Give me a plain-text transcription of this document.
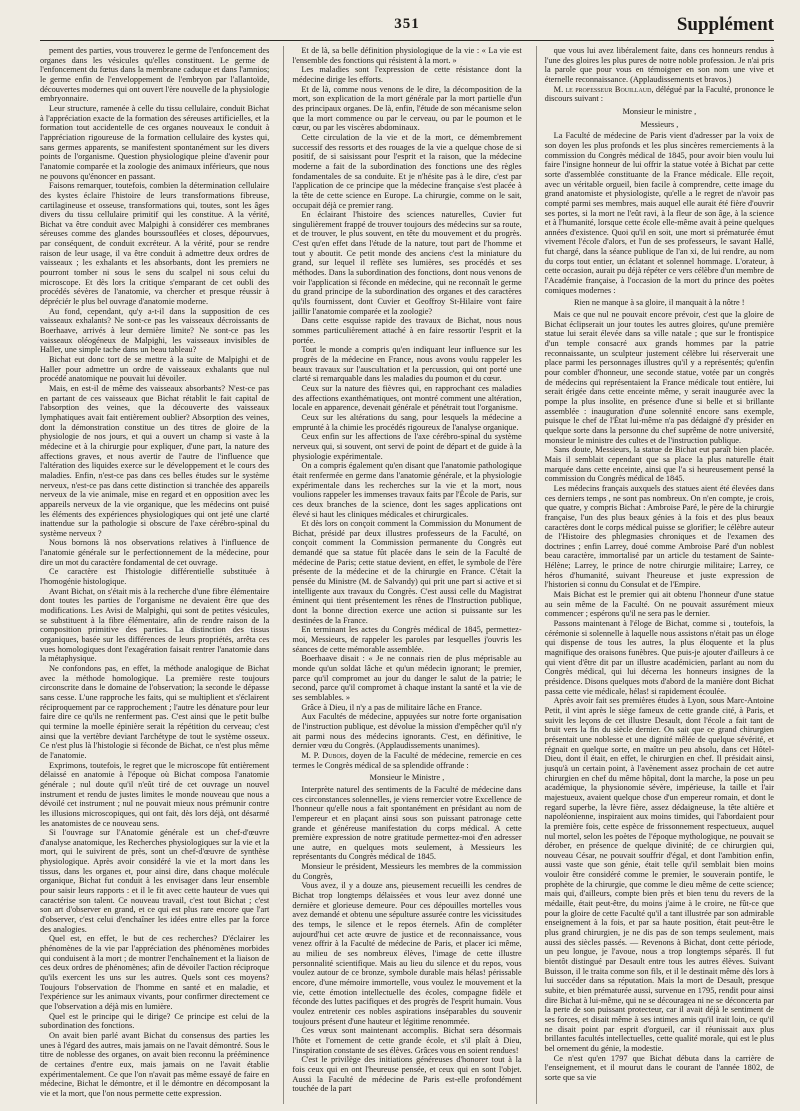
351	Supplément

pement des parties, vous trouverez le germe de l'enfoncement des organes dans les vésicules qu'elles constituent. Le germe de l'enfoncement du fœtus dans la membrane caduque et dans l'amnios; le germe enfin de l'enveloppement de l'embryon par l'allantoïde, découvertes modernes qui ont ouvert l'ère nouvelle de la physiologie embryonnaire.

Leur structure, ramenée à celle du tissu cellulaire, conduit Bichat à l'appréciation exacte de la formation des séreuses artificielles, et la formation tout accidentelle de ces organes nouveaux le conduit à l'appréciation rigoureuse de la formation cellulaire des kystes qui, sans germes apparents, se manifestent spontanément sur les divers points de l'organisme. Question physiologique pleine d'avenir pour l'anatomie comparée et la zoologie des animaux inférieurs, que nous ne pouvons qu'énoncer en passant.

Faisons remarquer, toutefois, combien la détermination cellulaire des kystes éclaire l'histoire de leurs transformations fibreuse, cartilagineuse et osseuse, transformations qui, toutes, sont les âges divers du tissu cellulaire primitif qui les constitue. A la vérité, Bichat va être conduit avec Malpighi à considérer ces membranes séreuses comme des glandes bourssouflées et closes, dépourvues, par conséquent, de conduit excréteur. A la vérité, pour se rendre raison de leur usage, il va être conduit à admettre deux ordres de vaisseaux ; les exhalants et les absorbants, dont les premiers ne pourront tomber ni sous le sens du scalpel ni sous celui du microscope. Et dès lors la critique s'emparant de cet oubli des procédés sévères de l'anatomie, va chercher et presque réussir à dépréciér le plus bel ouvrage d'anatomie moderne.

Au fond, cependant, qu'y a-t-il dans la supposition de ces vaisseaux exhalants? Ne sont-ce pas les vaisseaux décroissants de Boerhaave, arrivés à leur dernière limite? Ne sont-ce pas les vaisseaux oléogéneux de Malpighi, les vaisseaux invisibles de Haller, une simple tache dans un beau tableau?

Bichat eut donc tort de se mettre à la suite de Malpighi et de Haller pour admettre un ordre de vaisseaux exhalants que nul procédé anatomique ne pouvait lui dévoiler.

Mais, en est-il de même des vaisseaux absorbants? N'est-ce pas en partant de ces vaisseaux que Bichat rétablit le fait capital de l'absorption des veines, que la découverte des vaisseaux lymphatiques avait fait entièrement oublier? Absorption des veines, dont la démonstration constitue un des titres de gloire de la physiologie de nos jours, et qui a ouvert un champ si vaste à la médecine et à la chirurgie pour expliquer, d'une part, la nature des affections graves, et nous avertir de l'autre de l'influence que l'altération des liquides exerce sur le développement et le cours des maladies. Enfin, n'est-ce pas dans ces belles études sur le système nerveux, n'est-ce pas dans cette distinction si tranchée des appareils nerveux de la vie animale, mise en regard et en opposition avec les appareils nerveux de la vie organique, que les médecins ont puisé les éléments des expériences physiologiques qui ont jeté une clarté inattendue sur la pathologie si obscure de l'axe cérébro-spinal du système nerveux ?

Nous bornons là nos observations relatives à l'influence de l'anatomie générale sur le perfectionnement de la médecine, pour dire un mot du caractère fondamental de cet ouvrage.

Ce caractère est l'histologie différentielle substituée à l'homogénie histologique.

Avant Bichat, on s'était mis à la recherche d'une fibre élémentaire dont toutes les parties de l'organisme ne devaient être que des modifications. Les Avisi de Malpighi, qui sont de petites vésicules, se substituent à la fibre élémentaire, afin de rendre raison de la composition primitive des parties. La distinction des tissus organiques, basée sur les différences de leurs propriétés, arrêta ces vues homologiques dont l'exagération faisait rentrer l'anatomie dans la métaphysique.

Ne confondons pas, en effet, la méthode analogique de Bichat avec la méthode homologique. La première reste toujours circonscrite dans le domaine de l'observation; la seconde le dépasse sans cesse. L'une rapproche les faits, qui se multiplient et s'éclairent réciproquement par ce rapprochement ; l'autre les dénature pour leur faire dire ce qu'ils ne renferment pas. C'est ainsi que le petit bulbe qui termine la moelle épinière serait la répétition du cerveau; c'est ainsi que la vertèbre deviant l'archétype de tout le système osseux. Ce n'est plus là l'histologie si féconde de Bichat, ce n'est plus même de l'anatomie.

Exprimons, toutefois, le regret que le microscope fût entièrement délaissé en anatomie à l'époque où Bichat composa l'anatomie générale ; nul doute qu'il n'eût tiré de cet ouvrage un nouvel instrument et rendu de justes limites le monde nouveau que nous a dévoilé cet instrument ; nul ne pouvait mieux nous prémunir contre les illusions microscopiques, qui ont fait, dès lors déjà, ont désarmé les anatomistes de ce nouveau sens.

Si l'ouvrage sur l'Anatomie générale est un chef-d'œuvre d'analyse anatomique, les Recherches physiologiques sur la vie et la mort, qui le suivirent de près, sont un chef-d'œuvre de synthèse physiologique. Après avoir considéré la vie et la mort dans les tissus, dans les organes et, pour ainsi dire, dans chaque molécule organique, Bichat fut conduit à les envisager dans leur ensemble pour saisir leurs rapports : et il le fit avec cette hauteur de vues qui caractérise son talent. Ce nouveau travail, c'est tout Bichat ; c'est son art d'observer en grand, et ce qui est plus rare encore que l'art d'observer, c'est celui d'enchaîner les idées entre elles par la force des analogies.

Quel est, en effet, le but de ces recherches? D'éclairer les phénomènes de la vie par l'appréciation des phénomènes morbides qui conduisent à la mort ; de montrer l'enchaînement et la liaison de ces deux ordres de phénomènes; afin de dévoiler l'action réciproque qu'ils exercent les uns sur les autres. Quels sont ces moyens? Toujours l'observation de l'homme en santé et en maladie, et l'expérience sur les animaux vivants, pour confirmer directement ce que l'observation a déjà mis en lumière.

Quel est le principe qui le dirige? Ce principe est celui de la subordination des fonctions.

On avait bien parlé avant Bichat du consensus des parties les unes à l'égard des autres, mais jamais on ne l'avait démontré. Sous le titre de noblesse des organes, on avait bien reconnu la prééminence de certaines d'entre eux, mais jamais on ne l'avait établie expérimentalement. Ce que l'on n'avait pas même essayé de faire en médecine, Bichat le démontre, et il le démontre en décomposant la vie et la mort, que l'on nous permette cette expression.

Et de là, sa belle définition physiologique de la vie : « La vie est l'ensemble des fonctions qui résistent à la mort. »

Les maladies sont l'expression de cette résistance dont la médecine dirige les efforts.

Et de là, comme nous venons de le dire, la décomposition de la mort, son explication de la mort générale par la mort partielle d'un des principaux organes. De là, enfin, l'étude de son mécanisme selon que la mort commence ou par le cerveau, ou par le poumon et le cœur, ou par les viscères abdominaux.

Cette circulation de la vie et de la mort, ce démembrement successif des ressorts et des rouages de la vie a quelque chose de si positif, de si saisissant pour l'esprit et la raison, que la médecine moderne a fait de la subordination des fonctions une des règles fondamentales de sa conduite. Et je n'hésite pas à le dire, c'est par l'application de ce principe que la médecine française s'est placée à la tête de cette science en Europe. La chirurgie, comme on le sait, occupait déjà ce premier rang.

En éclairant l'histoire des sciences naturelles, Cuvier fut singulièrement frappé de trouver toujours des médecins sur sa route, et de trouver, le plus souvent, en tête du mouvement et du progrès. C'est qu'en effet dans l'étude de la nature, tout part de l'homme et tout y aboutit. Ce petit monde des anciens c'est la miniature du grand, sur lequel il reflète ses lumières, ses procédés et ses méthodes. Dans la subordination des fonctions, dont nous venons de voir l'application si féconde en médecine, qui ne reconnaît le germe du grand principe de la subordination des organes et des caractères qu'ils fournissent, dont Cuvier et Geoffroy St-Hilaire vont faire jaillir l'anatomie comparée et la zoologie?

Dans cette esquisse rapide des travaux de Bichat, nous nous sommes particulièrement attaché à en faire ressortir l'esprit et la portée.

Tout le monde a compris qu'en indiquant leur influence sur les progrès de la médecine en France, nous avons voulu rappeler les beaux travaux sur l'auscultation et la percussion, qui ont porté une clarté si remarquable dans les maladies du poumon et du cœur.

Ceux sur la nature des fièvres qui, en rapprochant ces maladies des affections exanthématiques, ont montré comment une altération, locale en apparence, devenait générale et pénétrait tout l'organisme.

Ceux sur les altérations du sang, pour lesquels la médecine a emprunté à la chimie les procédés rigoureux de l'analyse organique.

Ceux enfin sur les affections de l'axe cérébro-spinal du système nerveux qui, si souvent, ont servi de point de départ et de guide à la physiologie expérimentale.

On a compris également qu'en disant que l'anatomie pathologique était renfermée en germe dans l'anatomie générale, et la physiologie expérimentale dans les recherches sur la vie et la mort, nous voulions rappeler les immenses travaux faits par l'École de Paris, sur ces deux branches de la science, dont les sages applications ont élevé si haut les cliniques médicales et chirurgicales.

Et dès lors on conçoit comment la Commission du Monument de Bichat, présidé par deux illustres professeurs de la Faculté, on conçoit comment la Commission permanente du Congrès eut demandé que sa statue fût placée dans le sein de la Faculté de médecine de Paris; cette statue devient, en effet, le symbole de l'ère présente de la médecine et de la chirurgie en France. C'était la pensée du Ministre (M. de Salvandy) qui prit une part si active et si intelligente aux travaux du Congrès. C'est aussi celle du Magistrat éminent qui tient présentement les rênes de l'Instruction publique, dont la bonne direction exerce une action si puissante sur les destinées de la France.

En terminant les actes du Congrès médical de 1845, permettez-moi, Messieurs, de rappeler les paroles par lesquelles j'ouvris les séances de cette mémorable assemblée.

Boerhaave disait : « Je ne connais rien de plus méprisable au monde qu'un soldat lâche et qu'un médecin ignorant; le premier, parce qu'il compromet au jour du danger le salut de la patrie; le second, parce qu'il compromet à chaque instant la santé et la vie de ses semblables. »

Grâce à Dieu, il n'y a pas de militaire lâche en France.

Aux Facultés de médecine, appuyées sur notre forte organisation de l'instruction publique, est dévolue la mission d'empêcher qu'il n'y ait parmi nous des médecins ignorants. C'est, en définitive, le dernier vœu du Congrès. (Applaudissements unanimes).

M. P. Dubois, doyen de la Faculté de médecine, remercie en ces termes le Congrès médical de sa splendide offrande :

Monsieur le Ministre ,

Interprète naturel des sentiments de la Faculté de médecine dans ces circonstances solennelles, je viens remercier votre Excellence de l'honneur qu'elle nous a fait spontanément en présidant au nom de l'empereur et en plaçant ainsi sous son puissant patronage cette grande et généreuse manifestation du corps médical. A cette première expression de notre gratitude permettez-moi d'en adresser une autre, en quelques mots seulement, à Messieurs les représentants du Congrès médical de 1845.

Monsieur le président, Messieurs les membres de la commission du Congrès,

Vous avez, il y a douze ans, pieusement recueilli les cendres de Bichat trop longtemps délaissées et vous leur avez donné une dernière et glorieuse demeure. Pour ces dépouilles mortelles vous avez demandé et obtenu une sépulture assurée contre les vicissitudes des temps, le silence et le repos éternels. Afin de compléter aujourd'hui cet acte œuvre de justice et de reconnaissance, vous venez offrir à la Faculté de médecine de Paris, et placer ici même, au milieu de ses nombreux élèves, l'image de cette illustre personnalité scientifique. Mais au lieu du silence et du repos, vous voulez autour de ce bronze, symbole durable mais hélas! périssable encore, d'une mémoire immortelle, vous voulez le mouvement et la vie, cette émotion intellectuelle des écoles, compagne fidèle et féconde des luttes pacifiques et des progrès de l'esprit humain. Vous voulez entretenir ces nobles aspirations inséparables du souvenir toujours présent d'une hauteur et légitime renommée.

Ces vœux sont maintenant accomplis. Bichat sera désormais l'hôte et l'ornement de cette grande école, et s'il plaît à Dieu, l'inspiration constante de ses élèves. Grâces vous en soient rendues!

C'est le privilège des initiations généreuses d'honorer tout à la fois ceux qui en ont l'heureuse pensée, et ceux qui en sont l'objet. Aussi la Faculté de médecine de Paris est-elle profondément touchée de la part

que vous lui avez libéralement faite, dans ces honneurs rendus à l'une des gloires les plus pures de notre noble profession. Je n'ai pris la parole que pour vous en témoigner en son nom une vive et éternelle reconnaissance. (Applaudissements et bravos.)

M. le professeur Bouillaud, délégué par la Faculté, prononce le discours suivant :

Monsieur le ministre ,

Messieurs ,

La Faculté de médecine de Paris vient d'adresser par la voix de son doyen les plus profonds et les plus sincères remerciements à la commission du Congrès médical de 1845, pour avoir bien voulu lui faire l'insigne honneur de lui offrir la statue votée à Bichat par cette sorte d'assemblée constituante de la France médicale. Elle reçoit, avec un véritable orgueil, bien facile à comprendre, cette image du grand anatomiste et physiologiste, qu'elle a le regret de n'avoir pas compté parmi ses membres, mais auquel elle aurait été fière d'ouvrir ses portes, si la mort ne l'eût ravi, à la fleur de son âge, à la science et à l'humanité, lorsque cette école elle-même avait à peine quelques années d'existence. Quoi qu'il en soit, une mort si prématurée émut vivement l'école d'alors, et l'un de ses professeurs, le savant Hallé, fut chargé, dans la séance publique de l'an xi, de lui rendre, au nom du corps tout entier, un éclatant et solennel hommage. L'orateur, à cette occasion, aurait pu déjà répéter ce vers célèbre d'un membre de l'Académie française, à l'occasion de la mort du prince des poètes comiques modernes :

Rien ne manque à sa gloire, il manquait à la nôtre !

Mais ce que nul ne pouvait encore prévoir, c'est que la gloire de Bichat éclipserait un jour toutes les autres gloires, qu'une première statue lui serait élevée dans sa ville natale ; que sur le frontispice d'un temple consacré aux grands hommes par la patrie reconnaissante, un sculpteur justement célèbre lui réserverait une place parmi les personnages illustres qu'il y a représentés; qu'enfin pour combler d'honneur, une seconde statue, votée par un congrès de médecins qui représentaient la France médicale tout entière, lui serait érigée dans cette enceinte même, y serait inaugurée avec la pompe la plus insolite, en présence d'une si belle et si brillante assemblée : inauguration d'une solennité encore sans exemple, puisque le chef de l'État lui-même n'a pas dédaigné d'y présider en quelque sorte dans la personne du chef suprême de notre université, monsieur le ministre des cultes et de l'instruction publique.

Sans doute, Messieurs, la statue de Bichat eut paraît bien placée. Mais il semblait cependant que sa place la plus naturelle était marquée dans cette enceinte, ainsi que l'a si heureusement pensé la commission du Congrès médical de 1845.

Les médecins français auxquels des statues aient été élevées dans ces derniers temps , ne sont pas nombreux. On n'en compte, je crois, que quatre, y compris Bichat : Ambroise Paré, le père de la chirurgie française, l'un des plus beaux génies à la fois et des plus beaux caractères dont le corps médical puisse se glorifier; le célèbre auteur de l'Histoire des phlegmasies chroniques et de l'examen des doctrines ; enfin Larrey, doué comme Ambroise Paré d'un noblest beau caractère, immortalisé par un article du testament de Sainte-Hélène; Larrey, le prince de notre chirurgie militaire; Larrey, ce héros d'humanité, suivant l'heureuse et juste expression de l'historien si connu du Consulat et de l'Empire.

Mais Bichat est le premier qui ait obtenu l'honneur d'une statue au sein même de la Faculté. On ne pouvait assurément mieux commencer ; espérons qu'il ne sera pas le dernier.

Passons maintenant à l'éloge de Bichat, comme si , toutefois, la cérémonie si solennelle à laquelle nous assistons n'était pas un éloge qui dispense de tous les autres, la plus éloquente et la plus magnifique des oraisons funèbres. Que puis-je ajouter d'ailleurs à ce qui vient d'être dit par un illustre académicien, parlant au nom du Congrès médical, qui lui décerna les honneurs insignes de la présidence. Disons quelques mots d'abord de la manière dont Bichat passa cette vie médicale, hélas! si rapidement écoulée.

Après avoir fait ses premières études à Lyon, sous Marc-Antoine Petit, il vint après le siège fameux de cette grande cité, à Paris, et suivit les leçons de cet illustre Desault, dont l'école a fait tant de bruit vers la fin du siècle dernier. On sait que ce grand chirurgien présentait une noblesse et une dignité mêlée de quelque sévérité, et régnait en quelque sorte, en maître un peu absolu, dans cet Hôtel-Dieu, dont il était, en effet, le chirurgien en chef. Il présidait ainsi, jusqu'à un certain point, à l'avènement assez prochain de cet autre chirurgien en chef du même hôpital, dont la marche, la pose un peu académique, la physionomie sévère, impérieuse, la taille et l'air majestueux, avaient quelque chose d'un empereur romain, et dont le regard superbe, la lèvre fière, assez dédaigneuse, la tête altière et napoléonienne, inspiraient aux moins timides, qui l'abordaient pour la première fois, cette espèce de frissonnement respectueux, auquel nul mortel, selon les poètes de l'époque mythologique, ne pouvait se dérober, en présence de quelque divinité; de ce chirurgien qui, nouveau César, ne pouvait souffrir d'égal, et dont l'ambition enfin, aussi vaste que son génie, était telle qu'il semblait bien moins vouloir être considéré comme le premier, le souverain pontife, le prophète de la chirurgie, que comme le dieu même de cette science; mais qui, d'ailleurs, compte bien près et bien tenu du revers de la médaille, était peut-être, du moins j'aime à le croire, ne fût-ce que pour la gloire de cette Faculté qu'il a tant illustrée par son admirable enseignement à la fois, et par sa haute position, était peut-être le plus grand chirurgien, je ne dis pas de son temps seulement, mais aussi des siècles passés. — Revenons à Bichat, dont cette période, un peu longue, je l'avoue, nous a trop longtemps séparés. Il fut bientôt distingué par Desault entre tous les autres élèves. Suivant Buisson, il le traita comme son fils, et il le destinait même dès lors à lui succéder dans sa réputation. Mais la mort de Desault, presque subite, et bien prématurée aussi, survenue en 1795, rendit pour ainsi dire Bichat à lui-même, qui ne se découragea ni ne se déconcerta par la perte de son puissant protecteur, car il avait déjà le sentiment de ses forces, et disait même à ses intimes amis qu'il irait loin, ce qu'il ne disait point par esprit d'orgueil, car il réunissait aux plus brillantes facultés intellectuelles, cette qualité morale, qui est le plus bel ornement du génie, la modestie.

Ce n'est qu'en 1797 que Bichat débuta dans la carrière de l'enseignement, et il mourut dans le courant de l'année 1802, de sorte que sa vie
